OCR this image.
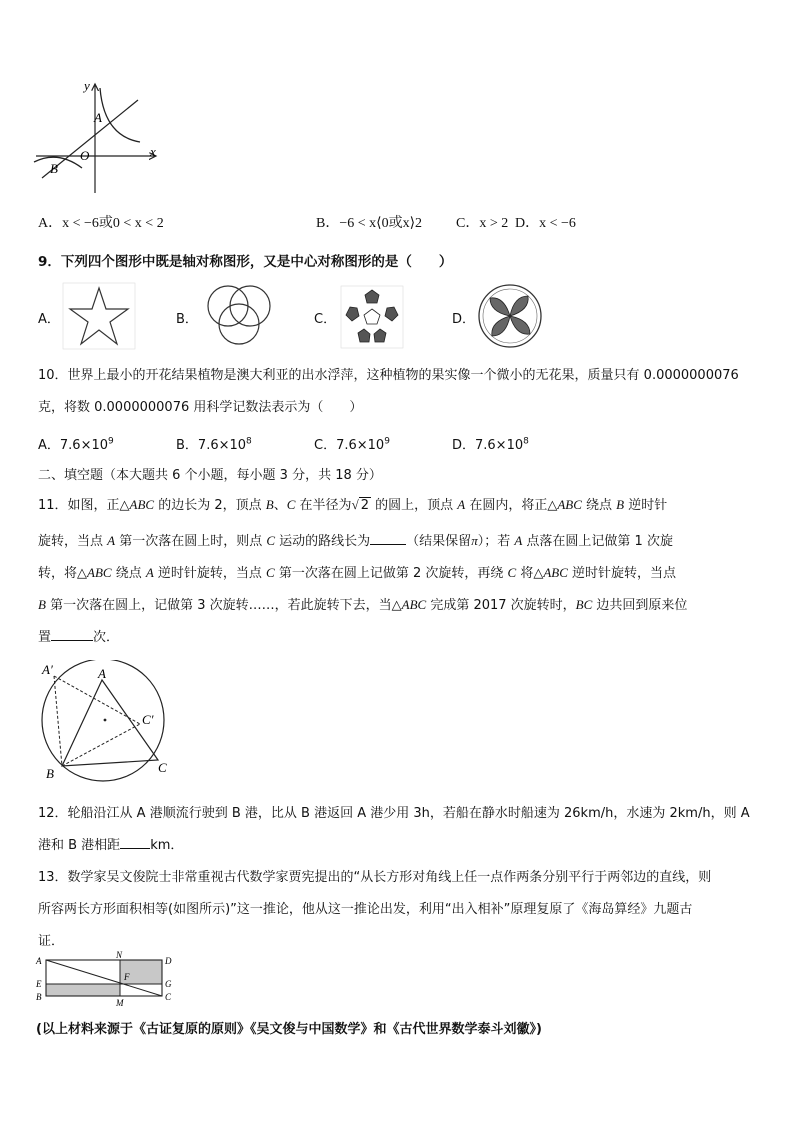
y
x
A
B
O
A．x < −6或0 < x < 2	B．−6 < x⟨0或x⟩2 C．x > 2 D．x < −6
9．下列四个图形中既是轴对称图形，又是中心对称图形的是（　　）
A．	B．	C．	D．
10．世界上最小的开花结果植物是澳大利亚的出水浮萍，这种植物的果实像一个微小的无花果，质量只有 0.0000000076
克，将数 0.0000000076 用科学记数法表示为（　　）
A．$7.6\times 10^9$	B．$7.6\times 10^8$	C．$7.6\times 10^9$	D．$7.6\times 10^8$
二、填空题（本大题共 6 个小题，每小题 3 分，共 18 分）
11．如图，正△ABC 的边长为 2，顶点 B、C 在半径为√ 2 的圆上，顶点 A 在圆内，将正△ABC 绕点 B 逆时针
旋转，当点 A 第一次落在圆上时，则点 C 运动的路线长为	（结果保留π）；若 A 点落在圆上记做第 1 次旋
转，将△ABC 绕点 A 逆时针旋转，当点 C 第一次落在圆上记做第 2 次旋转，再绕 C 将△ABC 逆时针旋转，当点
B 第一次落在圆上，记做第 3 次旋转……，若此旋转下去，当△ABC 完成第 2017 次旋转时，BC 边共回到原来位
置	次．
A′	A
B	C
C′
12．轮船沿江从 A 港顺流行驶到 B 港，比从 B 港返回 A 港少用 3h，若船在静水时船速为 26km/h，水速为 2km/h，则 A
港和 B 港相距 km．
13．数学家吴文俊院士非常重视古代数学家贾宪提出的“从长方形对角线上任一点作两条分别平行于两邻边的直线，则
所容两长方形面积相等(如图所示)”这一推论，他从这一推论出发，利用“出入相补”原理复原了《海岛算经》九题古
证．
A
N
D
F
E	G
B
M
C
(以上材料来源于《古证复原的原则》《吴文俊与中国数学》和《古代世界数学泰斗刘徽》)
